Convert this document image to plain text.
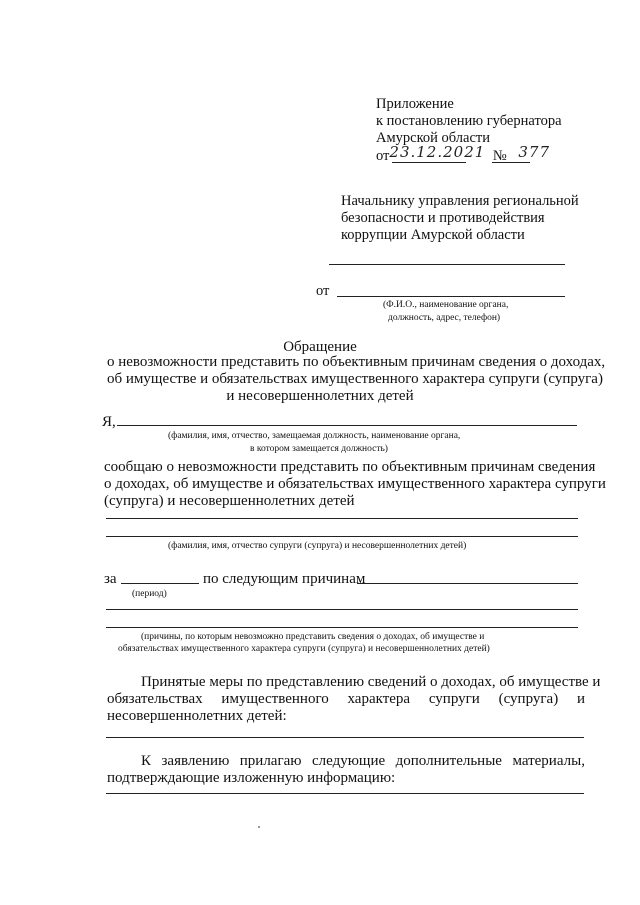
Приложение
к постановлению губернатора
Амурской области
от23.12.2021 № 377
Начальнику управления региональной
безопасности и противодействия
коррупции Амурской области
от
(Ф.И.О., наименование органа,
должность, адрес, телефон)
Обращение
о невозможности представить по объективным причинам сведения о доходах,
об имуществе и обязательствах имущественного характера супруги (супруга)
и несовершеннолетних детей
Я,
(фамилия, имя, отчество, замещаемая должность, наименование органа,
в котором замещается должность)
сообщаю о невозможности представить по объективным причинам сведения
о доходах, об имуществе и обязательствах имущественного характера супруги
(супруга) и несовершеннолетних детей
(фамилия, имя, отчество супруги (супруга) и несовершеннолетних детей)
за	по следующим причинам
(период)
(причины, по которым невозможно представить сведения о доходах, об имуществе и
обязательствах имущественного характера супруги (супруга) и несовершеннолетних детей)
Принятые меры по представлению сведений о доходах, об имуществе и
обязательствах имущественного характера супруги (супруга) и
несовершеннолетних детей:
К заявлению прилагаю следующие дополнительные материалы,
подтверждающие изложенную информацию:
